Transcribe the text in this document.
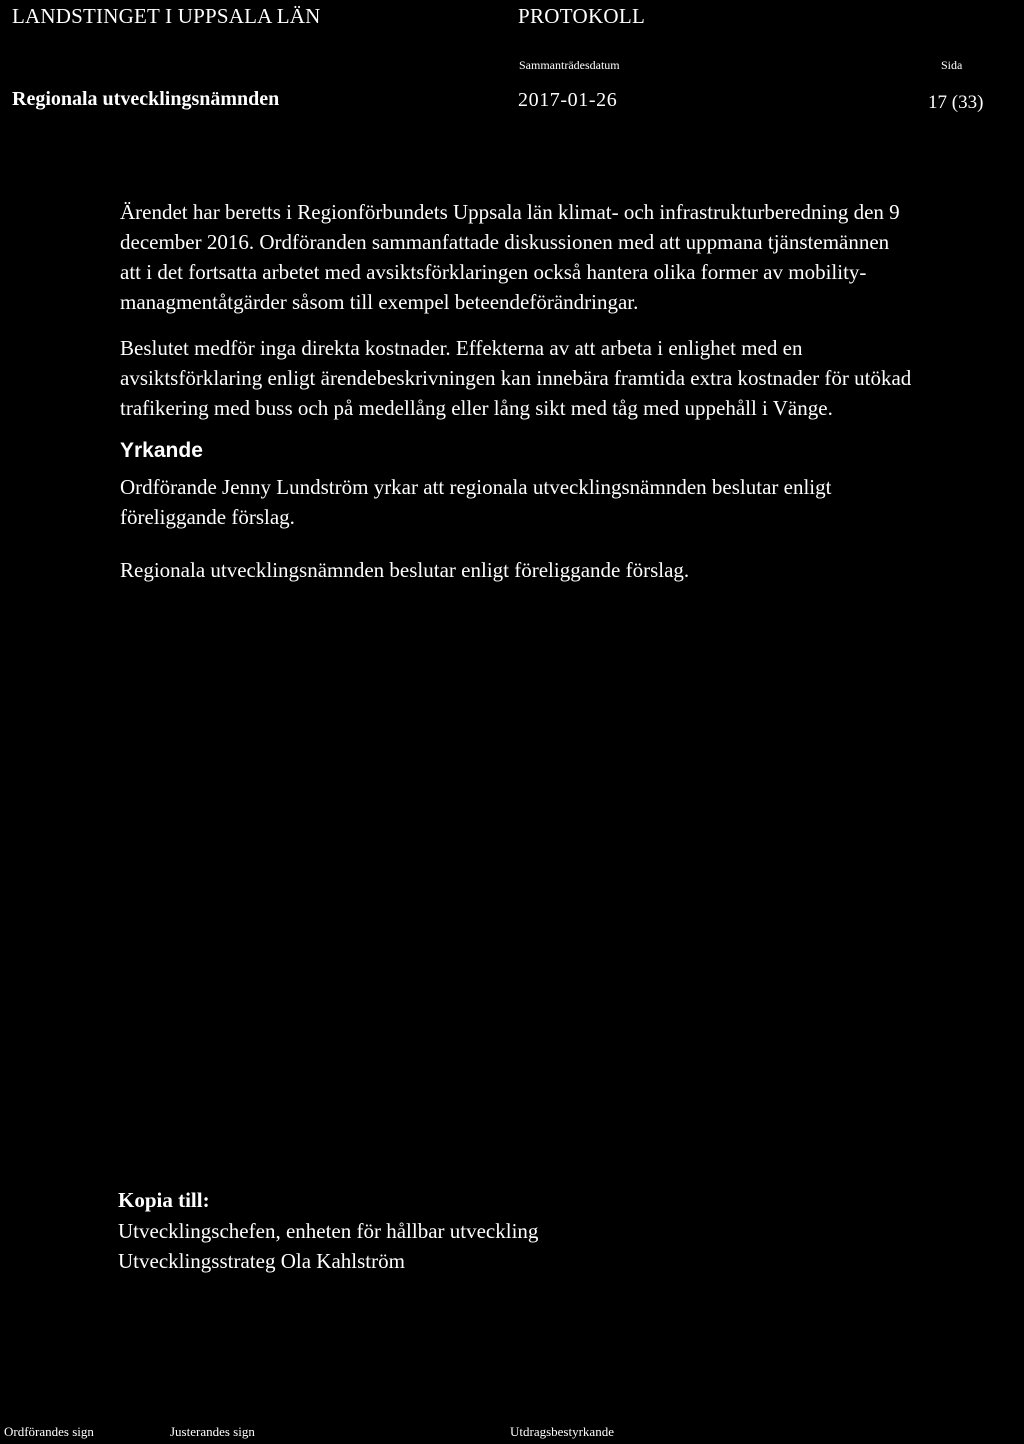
LANDSTINGET I UPPSALA LÄN	PROTOKOLL
Sammanträdesdatum	Sida
Regionala utvecklingsnämnden	2017-01-26	17 (33)
Ärendet har beretts i Regionförbundets Uppsala län klimat- och infrastrukturberedning den 9
december 2016. Ordföranden sammanfattade diskussionen med att uppmana tjänstemännen
att i det fortsatta arbetet med avsiktsförklaringen också hantera olika former av mobility-
managmentåtgärder såsom till exempel beteendeförändringar.
Beslutet medför inga direkta kostnader. Effekterna av att arbeta i enlighet med en
avsiktsförklaring enligt ärendebeskrivningen kan innebära framtida extra kostnader för utökad
trafikering med buss och på medellång eller lång sikt med tåg med uppehåll i Vänge.
Yrkande
Ordförande Jenny Lundström yrkar att regionala utvecklingsnämnden beslutar enligt
föreliggande förslag.
Regionala utvecklingsnämnden beslutar enligt föreliggande förslag.
Kopia till:
Utvecklingschefen, enheten för hållbar utveckling
Utvecklingsstrateg Ola Kahlström
Ordförandes sign	Justerandes sign	Utdragsbestyrkande
